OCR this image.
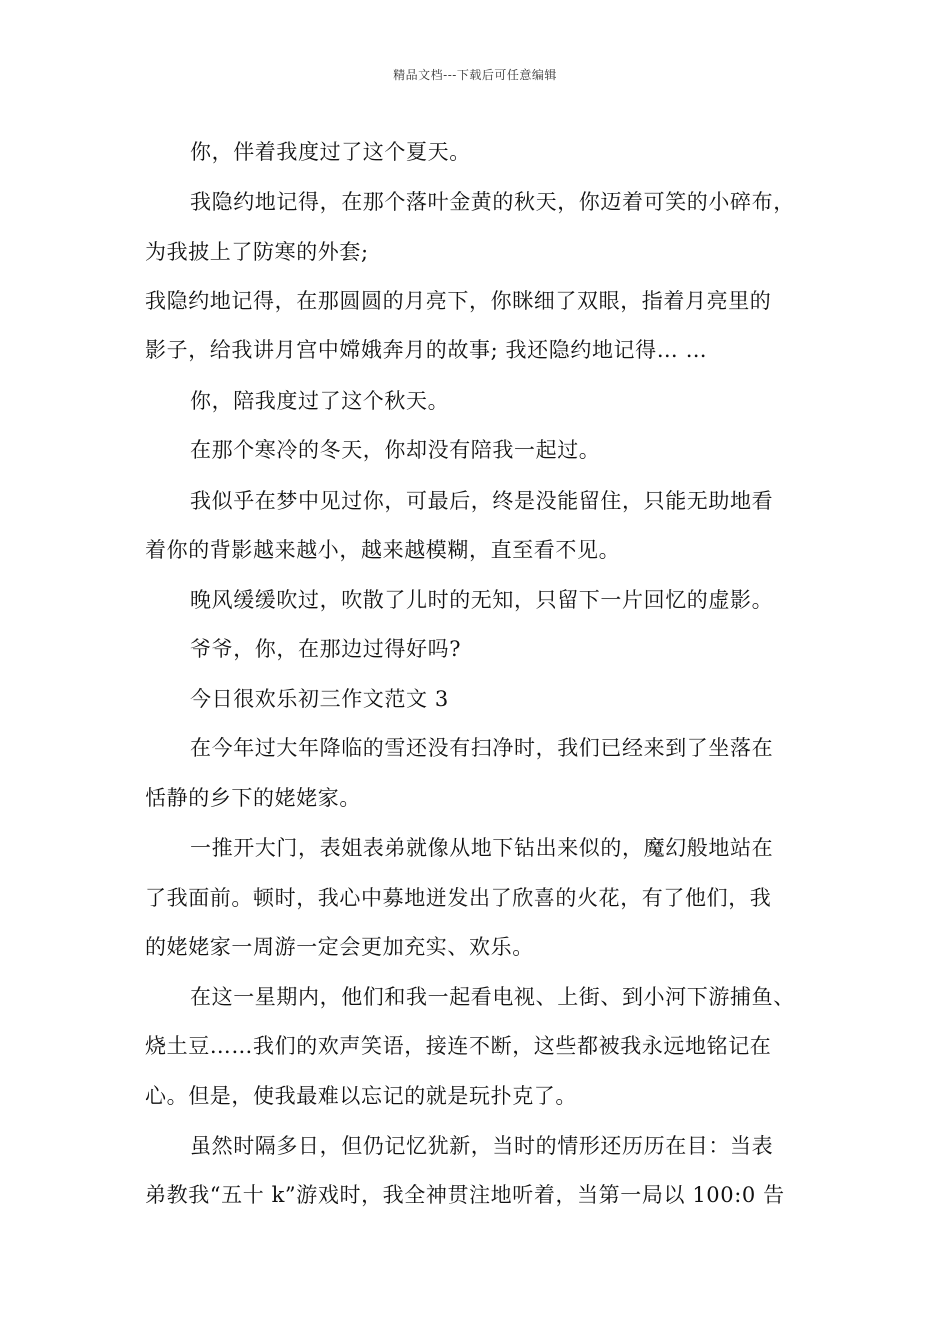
精品文档---下载后可任意编辑
你，伴着我度过了这个夏天。
我隐约地记得，在那个落叶金黄的秋天，你迈着可笑的小碎布，
为我披上了防寒的外套;
我隐约地记得，在那圆圆的月亮下，你眯细了双眼，指着月亮里的
影子，给我讲月宫中嫦娥奔月的故事; 我还隐约地记得… …
你，陪我度过了这个秋天。
在那个寒冷的冬天，你却没有陪我一起过。
我似乎在梦中见过你，可最后，终是没能留住，只能无助地看
着你的背影越来越小，越来越模糊，直至看不见。
晚风缓缓吹过，吹散了儿时的无知，只留下一片回忆的虚影。
爷爷，你，在那边过得好吗?
今日很欢乐初三作文范文 3
在今年过大年降临的雪还没有扫净时，我们已经来到了坐落在
恬静的乡下的姥姥家。
一推开大门，表姐表弟就像从地下钻出来似的，魔幻般地站在
了我面前。顿时，我心中募地迸发出了欣喜的火花，有了他们，我
的姥姥家一周游一定会更加充实、欢乐。
在这一星期内，他们和我一起看电视、上街、到小河下游捕鱼、
烧土豆……我们的欢声笑语，接连不断，这些都被我永远地铭记在
心。但是，使我最难以忘记的就是玩扑克了。
虽然时隔多日，但仍记忆犹新，当时的情形还历历在目：当表
弟教我“五十 k”游戏时，我全神贯注地听着，当第一局以 100:0 告
